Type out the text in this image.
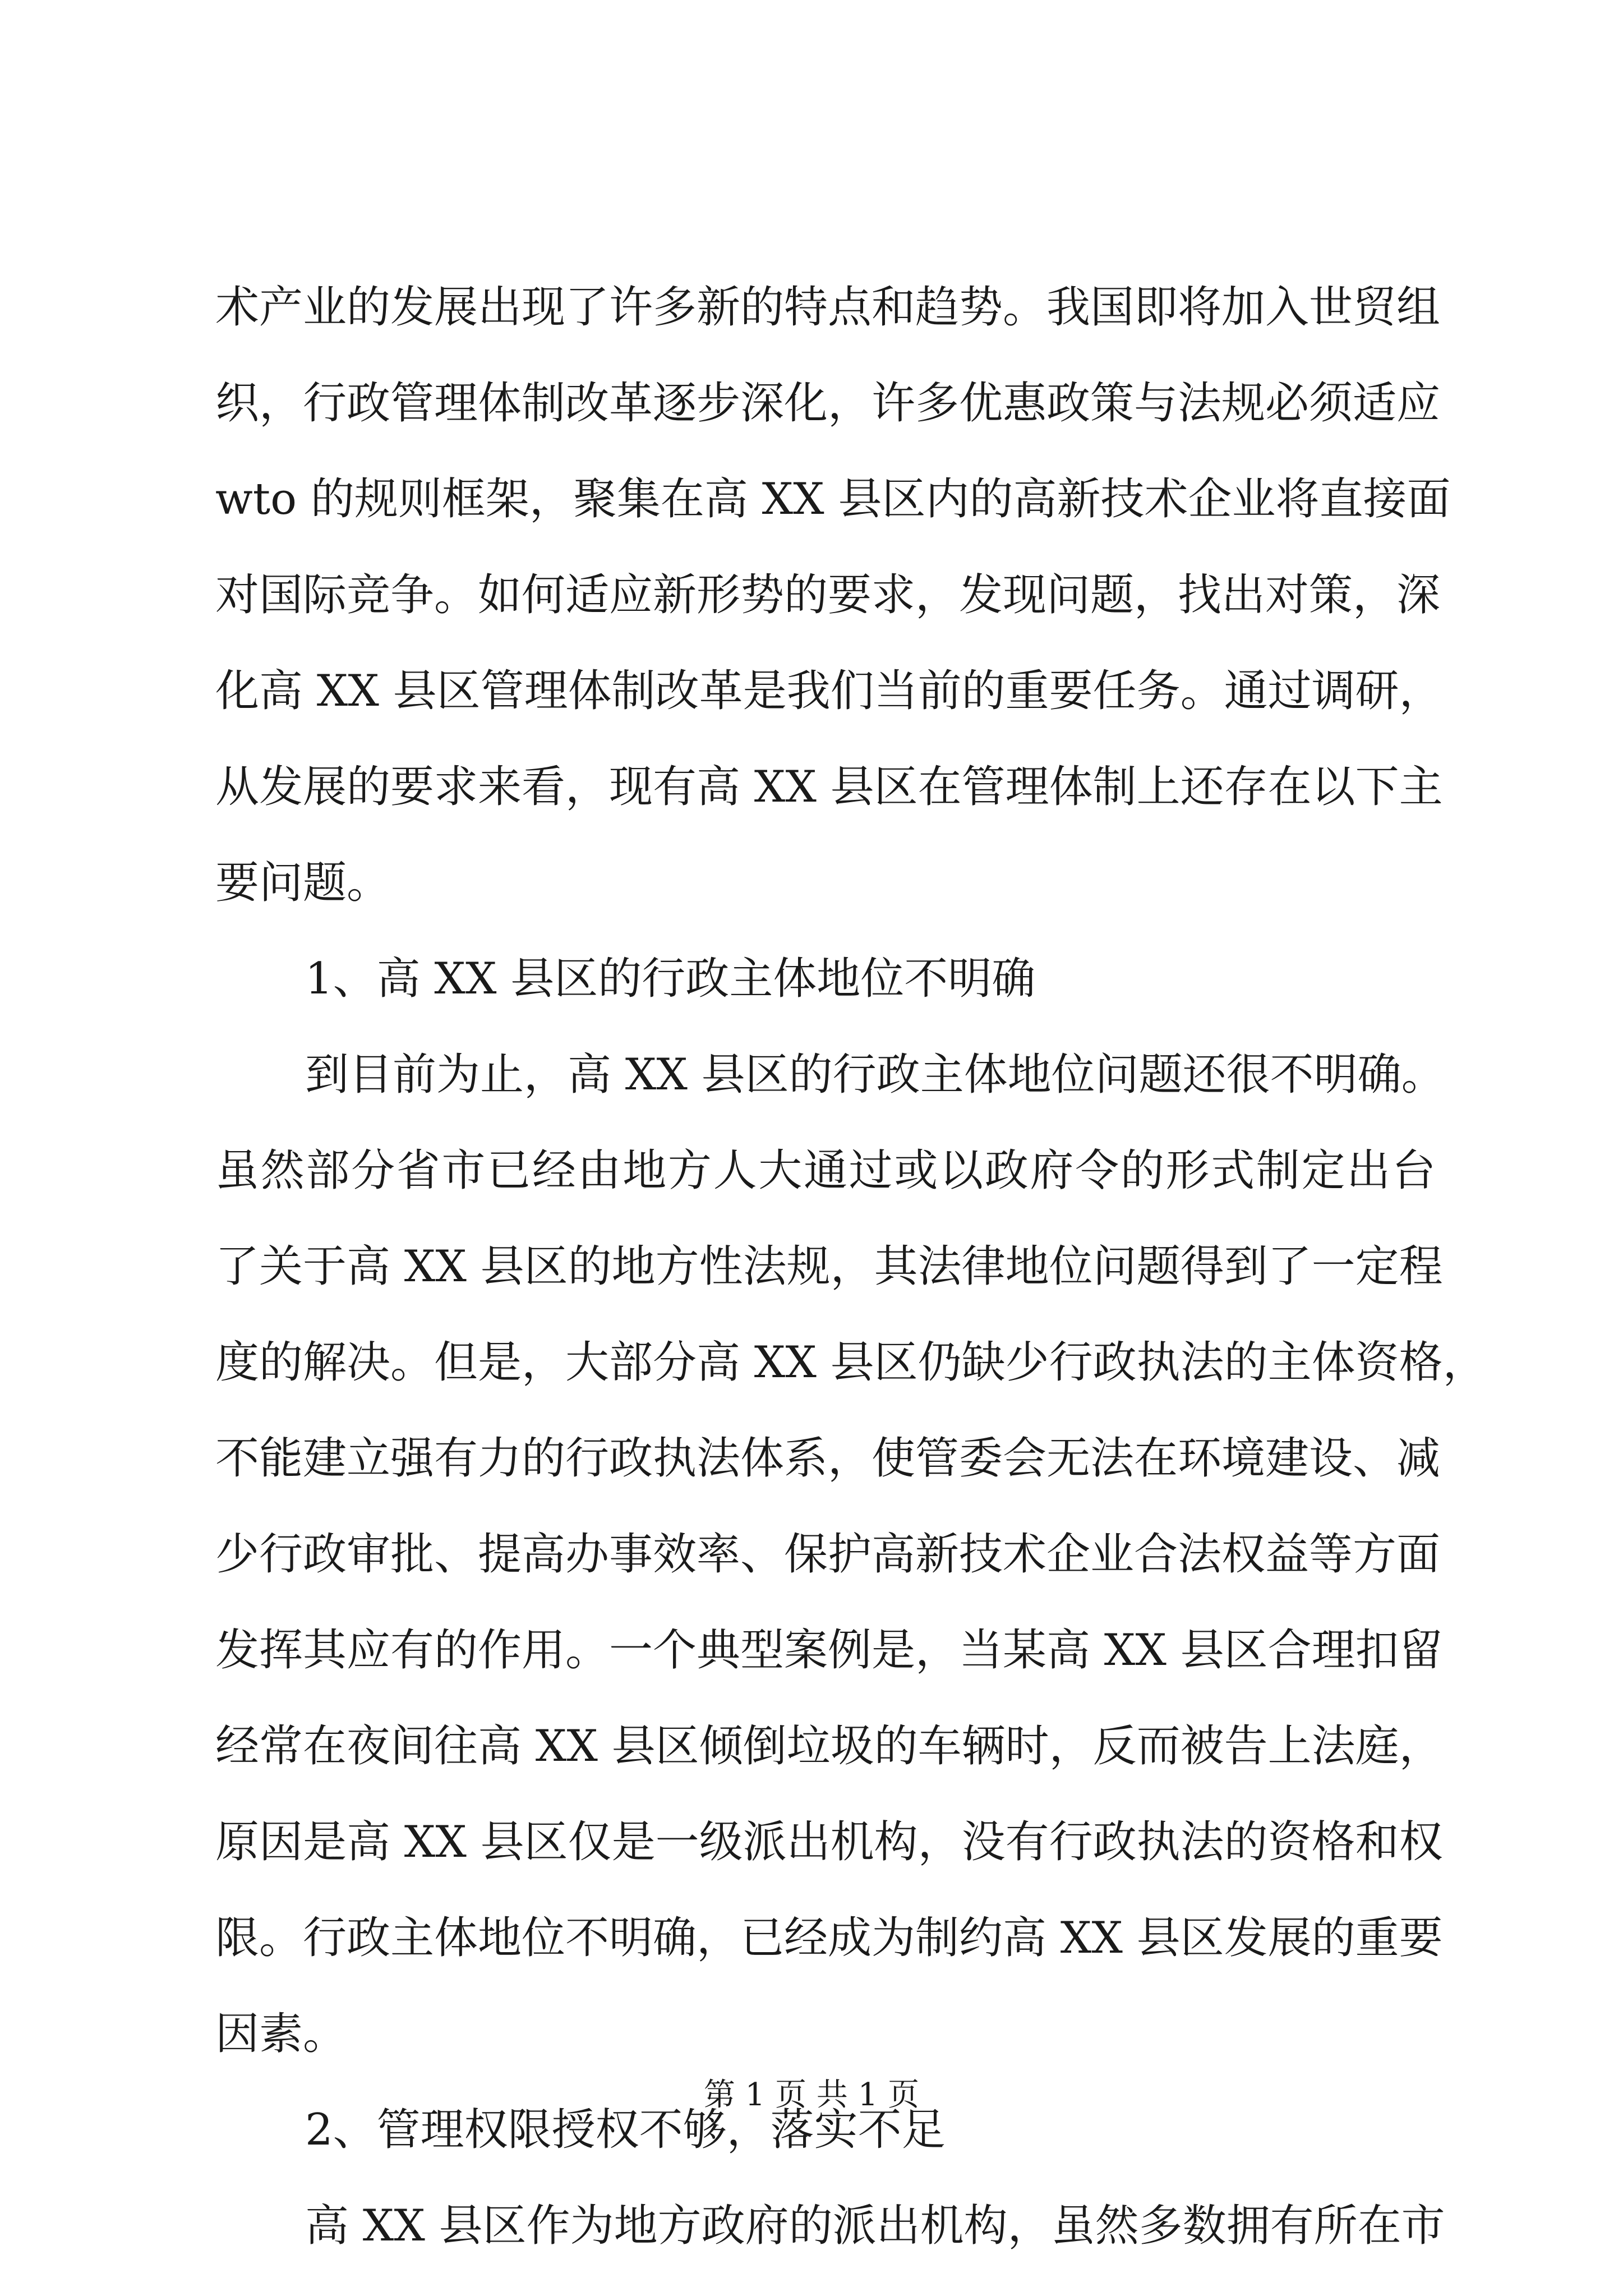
术产业的发展出现了许多新的特点和趋势。我国即将加入世贸组
织，行政管理体制改革逐步深化，许多优惠政策与法规必须适应
wto 的规则框架，聚集在高 XX 县区内的高新技术企业将直接面
对国际竞争。如何适应新形势的要求，发现问题，找出对策，深
化高 XX 县区管理体制改革是我们当前的重要任务。通过调研，
从发展的要求来看，现有高 XX 县区在管理体制上还存在以下主
要问题。
1、高 XX 县区的行政主体地位不明确
到目前为止，高 XX 县区的行政主体地位问题还很不明确。
虽然部分省市已经由地方人大通过或以政府令的形式制定出台
了关于高 XX 县区的地方性法规，其法律地位问题得到了一定程
度的解决。但是，大部分高 XX 县区仍缺少行政执法的主体资格，
不能建立强有力的行政执法体系，使管委会无法在环境建设、减
少行政审批、提高办事效率、保护高新技术企业合法权益等方面
发挥其应有的作用。一个典型案例是，当某高 XX 县区合理扣留
经常在夜间往高 XX 县区倾倒垃圾的车辆时，反而被告上法庭，
原因是高 XX 县区仅是一级派出机构，没有行政执法的资格和权
限。行政主体地位不明确，已经成为制约高 XX 县区发展的重要
因素。
2、管理权限授权不够，落实不足
高 XX 县区作为地方政府的派出机构，虽然多数拥有所在市
第 1 页 共 1 页
